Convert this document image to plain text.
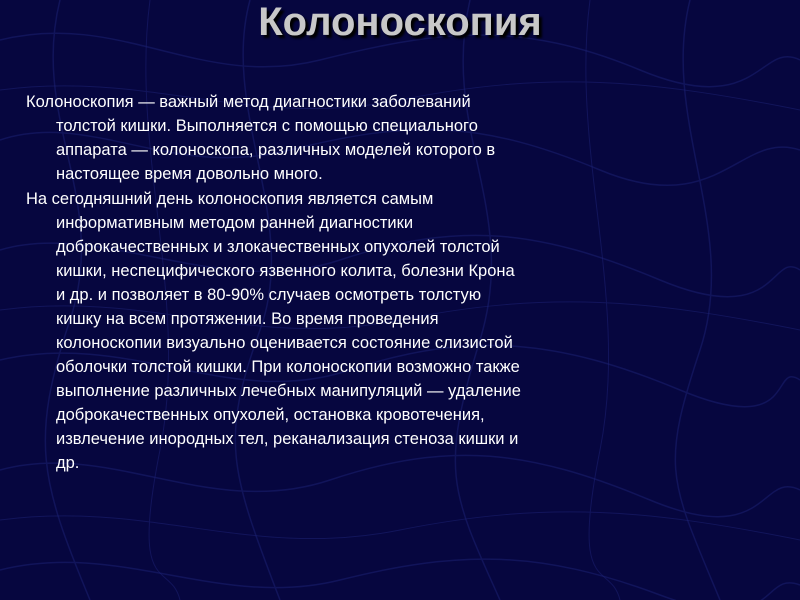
Колоноскопия

Колоноскопия — важный метод диагностики заболеваний толстой кишки. Выполняется с помощью специального аппарата — колоноскопа, различных моделей которого в настоящее время довольно много.

На сегодняшний день колоноскопия является самым информативным методом ранней диагностики доброкачественных и злокачественных опухолей толстой кишки, неспецифического язвенного колита, болезни Крона и др. и позволяет в 80-90% случаев осмотреть толстую кишку на всем протяжении. Во время проведения колоноскопии визуально оценивается состояние слизистой оболочки толстой кишки. При колоноскопии возможно также выполнение различных лечебных манипуляций — удаление доброкачественных опухолей, остановка кровотечения, извлечение инородных тел, реканализация стеноза кишки и др.
